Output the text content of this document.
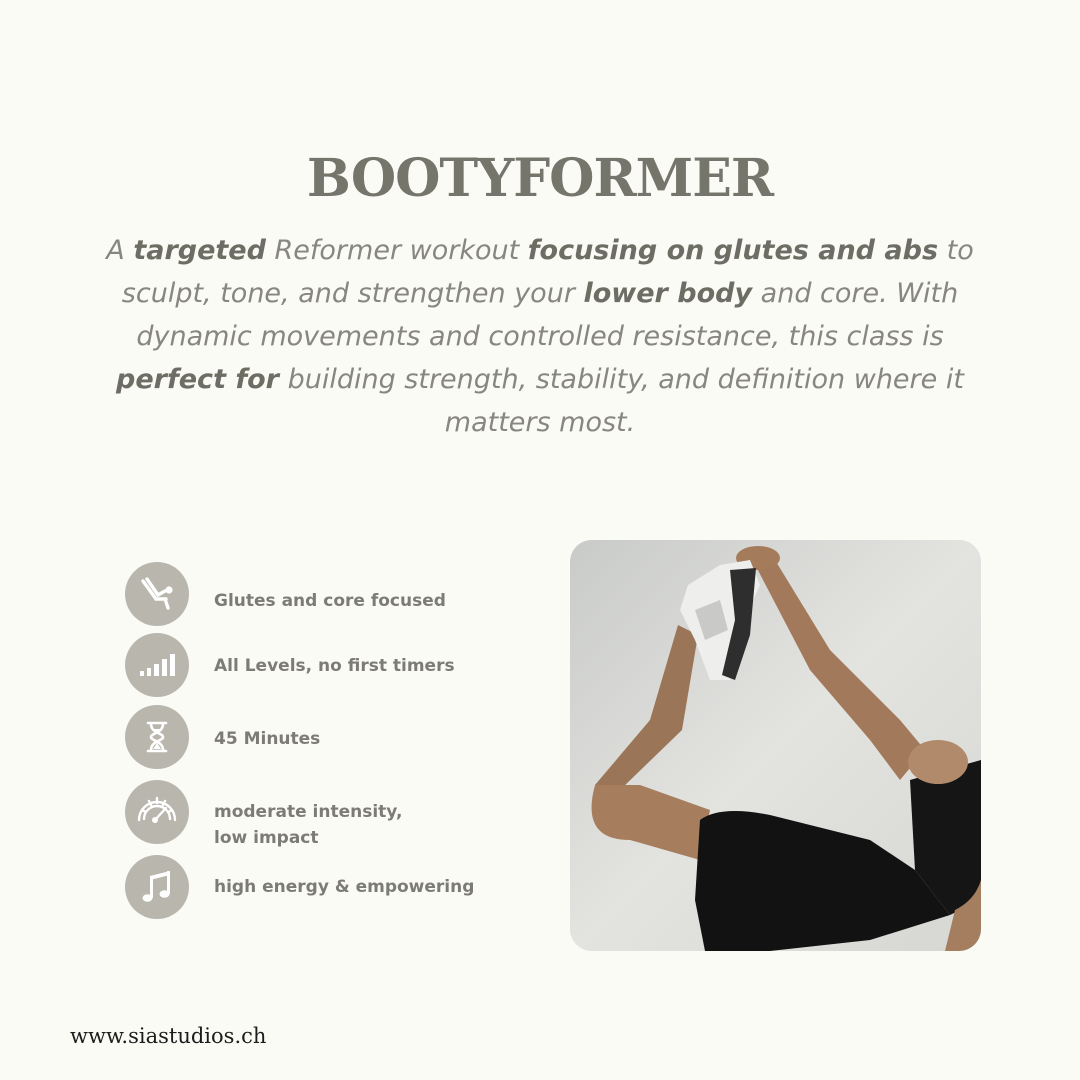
BOOTYFORMER

A targeted Reformer workout focusing on glutes and abs to sculpt, tone, and strengthen your lower body and core. With dynamic movements and controlled resistance, this class is perfect for building strength, stability, and definition where it matters most.

Glutes and core focused
All Levels, no first timers
45 Minutes
moderate intensity,
low impact
high energy & empowering
www.siastudios.ch
